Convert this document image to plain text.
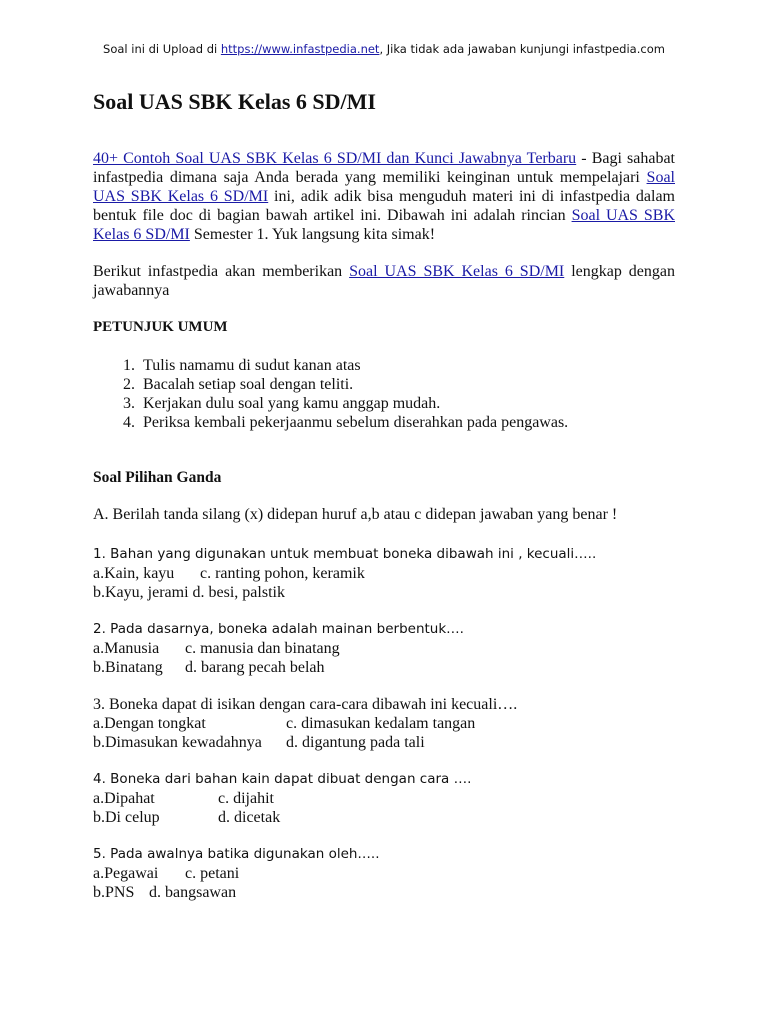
Soal ini di Upload di https://www.infastpedia.net, Jika tidak ada jawaban kunjungi infastpedia.com
Soal UAS SBK Kelas 6 SD/MI

40+ Contoh Soal UAS SBK Kelas 6 SD/MI dan Kunci Jawabnya Terbaru - Bagi sahabat infastpedia dimana saja Anda berada yang memiliki keinginan untuk mempelajari Soal UAS SBK Kelas 6 SD/MI ini, adik adik bisa menguduh materi ini di infastpedia dalam bentuk file doc di bagian bawah artikel ini. Dibawah ini adalah rincian Soal UAS SBK Kelas 6 SD/MI Semester 1. Yuk langsung kita simak!

Berikut infastpedia akan memberikan Soal UAS SBK Kelas 6 SD/MI lengkap dengan jawabannya

PETUNJUK UMUM
1. Tulis namamu di sudut kanan atas
2. Bacalah setiap soal dengan teliti.
3. Kerjakan dulu soal yang kamu anggap mudah.
4. Periksa kembali pekerjaanmu sebelum diserahkan pada pengawas.
Soal Pilihan Ganda

A. Berilah tanda silang (x) didepan huruf a,b atau c didepan jawaban yang benar !

1. Bahan yang digunakan untuk membuat boneka dibawah ini , kecuali…..
a.Kain, kayu c. ranting pohon, keramik
b.Kayu, jerami d. besi, palstik
2. Pada dasarnya, boneka adalah mainan berbentuk….
a.Manusia c. manusia dan binatang
b.Binatang d. barang pecah belah
3. Boneka dapat di isikan dengan cara-cara dibawah ini kecuali….
a.Dengan tongkat	c. dimasukan kedalam tangan
b.Dimasukan kewadahnya d. digantung pada tali
4. Boneka dari bahan kain dapat dibuat dengan cara ….
a.Dipahat	c. dijahit
b.Di celup	d. dicetak
5. Pada awalnya batika digunakan oleh…..
a.Pegawai c. petani
b.PNS d. bangsawan
